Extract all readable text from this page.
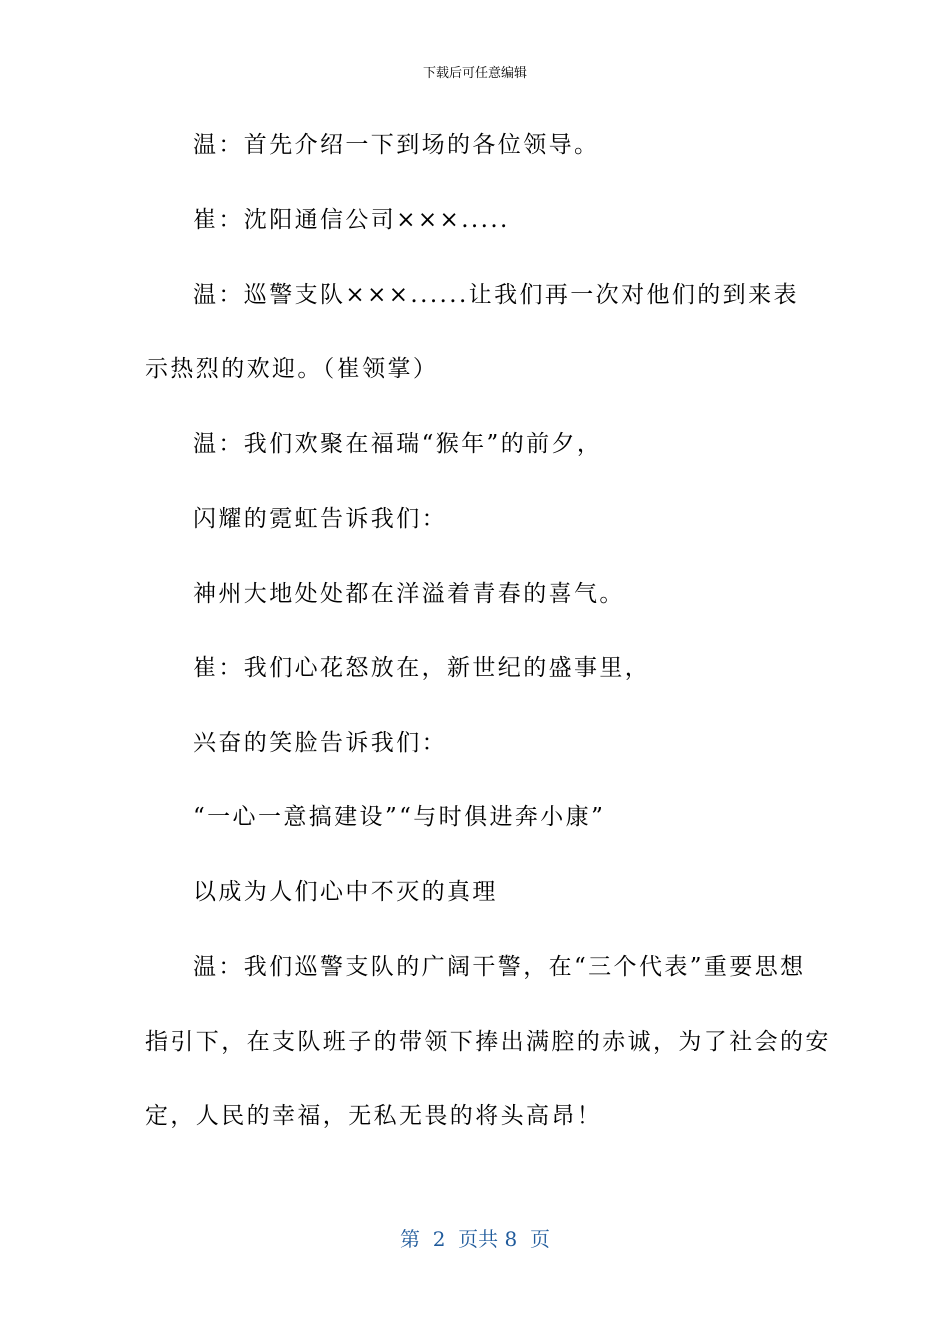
下载后可任意编辑
温：首先介绍一下到场的各位领导。
崔：沈阳通信公司×××.....
温：巡警支队×××......让我们再一次对他们的到来表
示热烈的欢迎。（崔领掌）
温：我们欢聚在福瑞“猴年”的前夕，
闪耀的霓虹告诉我们：
神州大地处处都在洋溢着青春的喜气。
崔：我们心花怒放在，新世纪的盛事里，
兴奋的笑脸告诉我们：
“一心一意搞建设”“与时俱进奔小康”
以成为人们心中不灭的真理
温：我们巡警支队的广阔干警，在“三个代表”重要思想
指引下，在支队班子的带领下捧出满腔的赤诚，为了社会的安
定，人民的幸福，无私无畏的将头高昂！
第  2  页共 8  页
